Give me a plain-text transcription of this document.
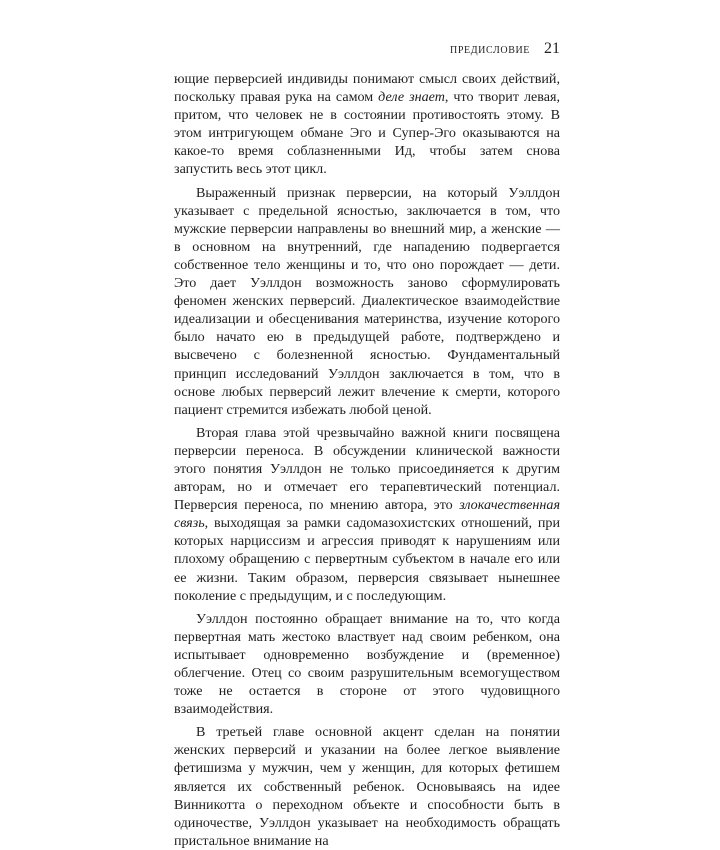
ПРЕДИСЛОВИЕ 21

ющие перверсией индивиды понимают смысл своих действий, поскольку правая рука на самом деле знает, что творит левая, притом, что человек не в состоянии противостоять этому. В этом интригующем обмане Эго и Супер-Эго оказываются на какое-то время соблазненными Ид, чтобы затем снова запустить весь этот цикл.

Выраженный признак перверсии, на который Уэллдон указывает с предельной ясностью, заключается в том, что мужские перверсии направлены во внешний мир, а женские — в основном на внутренний, где нападению подвергается собственное тело женщины и то, что оно порождает — дети. Это дает Уэллдон возможность заново сформулировать феномен женских перверсий. Диалектическое взаимодействие идеализации и обесценивания материнства, изучение которого было начато ею в предыдущей работе, подтверждено и высвечено с болезненной ясностью. Фундаментальный принцип исследований Уэллдон заключается в том, что в основе любых перверсий лежит влечение к смерти, которого пациент стремится избежать любой ценой.

Вторая глава этой чрезвычайно важной книги посвящена перверсии переноса. В обсуждении клинической важности этого понятия Уэллдон не только присоединяется к другим авторам, но и отмечает его терапевтический потенциал. Перверсия переноса, по мнению автора, это злокачественная связь, выходящая за рамки садомазохистских отношений, при которых нарциссизм и агрессия приводят к нарушениям или плохому обращению с первертным субъектом в начале его или ее жизни. Таким образом, перверсия связывает нынешнее поколение с предыдущим, и с последующим.

Уэллдон постоянно обращает внимание на то, что когда первертная мать жестоко властвует над своим ребенком, она испытывает одновременно возбуждение и (временное) облегчение. Отец со своим разрушительным всемогуществом тоже не остается в стороне от этого чудовищного взаимодействия.

В третьей главе основной акцент сделан на понятии женских перверсий и указании на более легкое выявление фетишизма у мужчин, чем у женщин, для которых фетишем является их собственный ребенок. Основываясь на идее Винникотта о переходном объекте и способности быть в одиночестве, Уэллдон указывает на необходимость обращать пристальное внимание на
